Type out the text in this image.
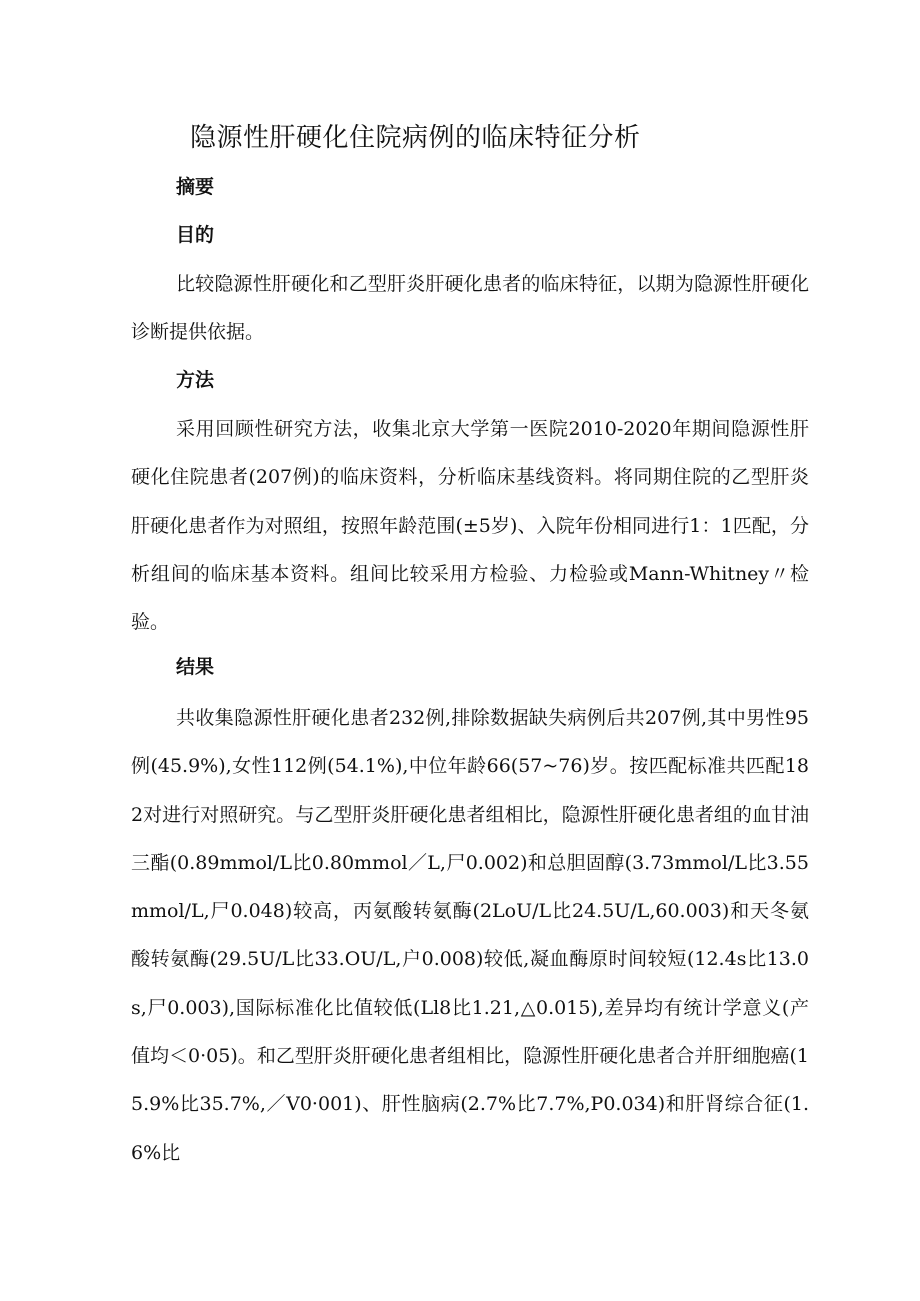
隐源性肝硬化住院病例的临床特征分析
摘要
目的

比较隐源性肝硬化和乙型肝炎肝硬化患者的临床特征，以期为隐源性肝硬化诊断提供依据。

方法

采用回顾性研究方法，收集北京大学第一医院2010-2020年期间隐源性肝硬化住院患者(207例)的临床资料，分析临床基线资料。将同期住院的乙型肝炎肝硬化患者作为对照组，按照年龄范围(±5岁)、入院年份相同进行1：1匹配，分析组间的临床基本资料。组间比较采用方检验、力检验或Mann-Whitney〃检验。

结果

共收集隐源性肝硬化患者232例,排除数据缺失病例后共207例,其中男性95例(45.9%),女性112例(54.1%),中位年龄66(57~76)岁。按匹配标准共匹配182对进行对照研究。与乙型肝炎肝硬化患者组相比，隐源性肝硬化患者组的血甘油三酯(0.89mmol/L比0.80mmol／L,尸0.002)和总胆固醇(3.73mmol/L比3.55mmol/L,尸0.048)较高，丙氨酸转氨酶(2LoU/L比24.5U/L,60.003)和天冬氨酸转氨酶(29.5U/L比33.OU/L,户0.008)较低,凝血酶原时间较短(12.4s比13.0s,尸0.003),国际标准化比值较低(Ll8比1.21,△0.015),差异均有统计学意义(产值均＜0·05)。和乙型肝炎肝硬化患者组相比，隐源性肝硬化患者合并肝细胞癌(15.9%比35.7%,／V0·001)、肝性脑病(2.7%比7.7%,P0.034)和肝肾综合征(1.6%比
